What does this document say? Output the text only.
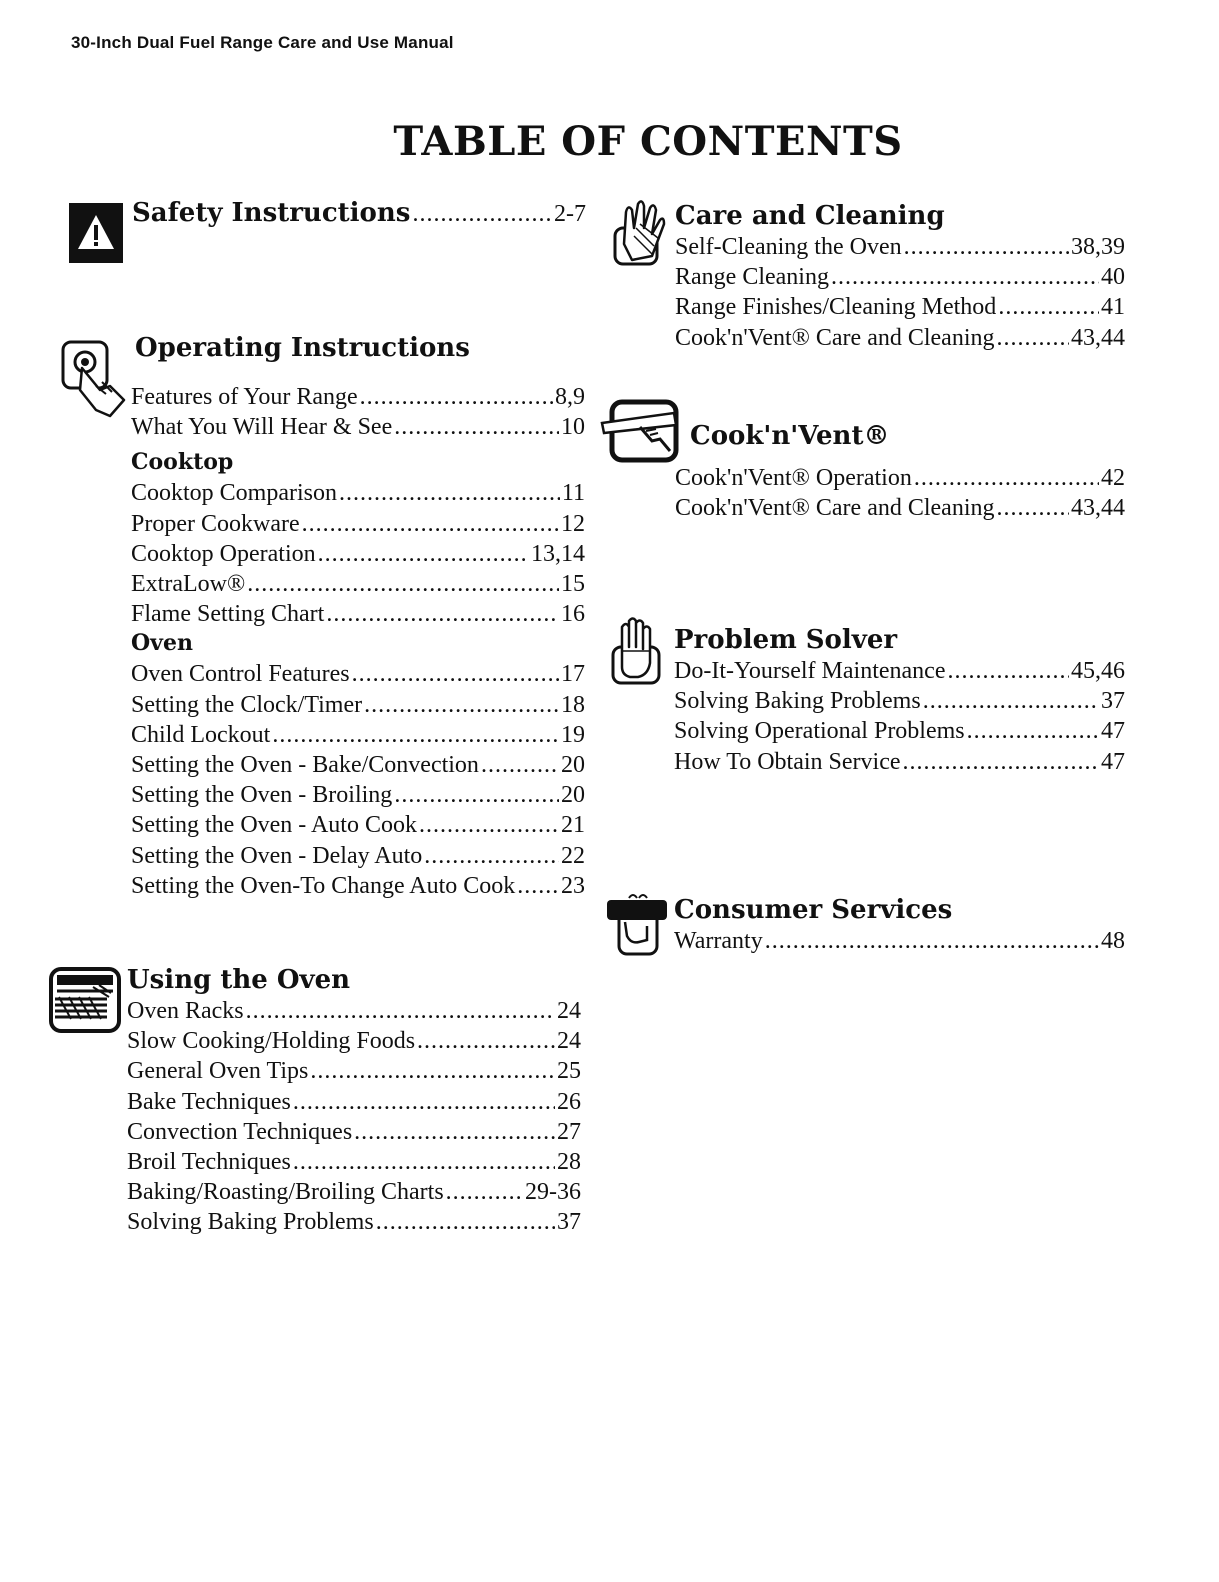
30-Inch Dual Fuel Range Care and Use Manual
TABLE OF CONTENTS
Safety Instructions .....	2-7
Operating Instructions
Features of Your Range .....	8,9
What You Will Hear & See .....	10
Cooktop
Cooktop Comparison .....	11
Proper Cookware .....	12
Cooktop Operation .....	13,14
ExtraLow® .....	15
Flame Setting Chart .....	16
Oven
Oven Control Features .....	17
Setting the Clock/Timer .....	18
Child Lockout .....	19
Setting the Oven - Bake/Convection .....	20
Setting the Oven - Broiling .....	20
Setting the Oven - Auto Cook .....	21
Setting the Oven - Delay Auto .....	22
Setting the Oven-To Change Auto Cook ..... 23
Using the Oven
Oven Racks .....	24
Slow Cooking/Holding Foods .....	24
General Oven Tips .....	25
Bake Techniques .....	26
Convection Techniques .....	27
Broil Techniques .....	28
Baking/Roasting/Broiling Charts .....	29-36
Solving Baking Problems .....	37
Care and Cleaning
Self-Cleaning the Oven .....	38,39
Range Cleaning .....	40
Range Finishes/Cleaning Method .....	41
Cook'n'Vent® Care and Cleaning .....	43,44
Cook'n'Vent®
Cook'n'Vent® Operation .....	42
Cook'n'Vent® Care and Cleaning .....	43,44
Problem Solver
Do-It-Yourself Maintenance .....	45,46
Solving Baking Problems .....	37
Solving Operational Problems .....	47
How To Obtain Service .....	47
Consumer Services
Warranty .....	48
